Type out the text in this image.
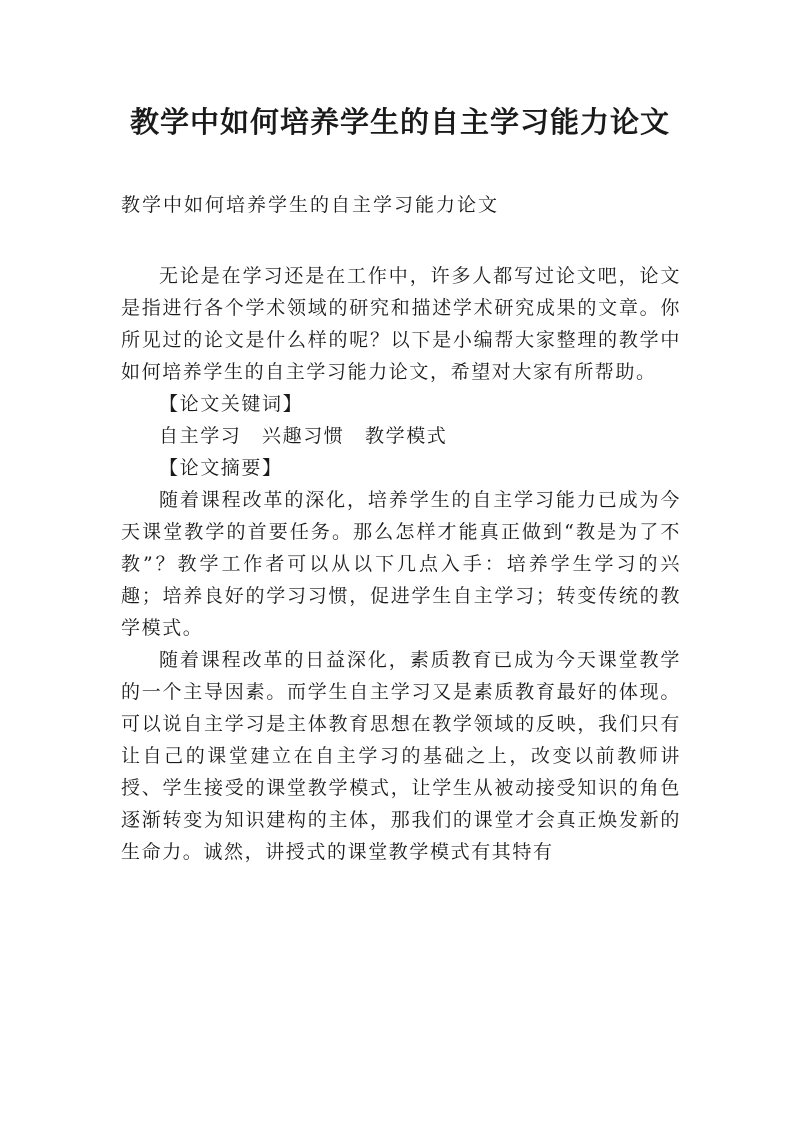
教学中如何培养学生的自主学习能力论文
教学中如何培养学生的自主学习能力论文

无论是在学习还是在工作中，许多人都写过论文吧，论文是指进行各个学术领域的研究和描述学术研究成果的文章。你所见过的论文是什么样的呢？以下是小编帮大家整理的教学中如何培养学生的自主学习能力论文，希望对大家有所帮助。

【论文关键词】

自主学习　兴趣习惯　教学模式

【论文摘要】

随着课程改革的深化，培养学生的自主学习能力已成为今天课堂教学的首要任务。那么怎样才能真正做到“教是为了不教”？教学工作者可以从以下几点入手：培养学生学习的兴趣；培养良好的学习习惯，促进学生自主学习；转变传统的教学模式。

随着课程改革的日益深化，素质教育已成为今天课堂教学的一个主导因素。而学生自主学习又是素质教育最好的体现。可以说自主学习是主体教育思想在教学领域的反映，我们只有让自己的课堂建立在自主学习的基础之上，改变以前教师讲授、学生接受的课堂教学模式，让学生从被动接受知识的角色逐渐转变为知识建构的主体，那我们的课堂才会真正焕发新的生命力。诚然，讲授式的课堂教学模式有其特有
